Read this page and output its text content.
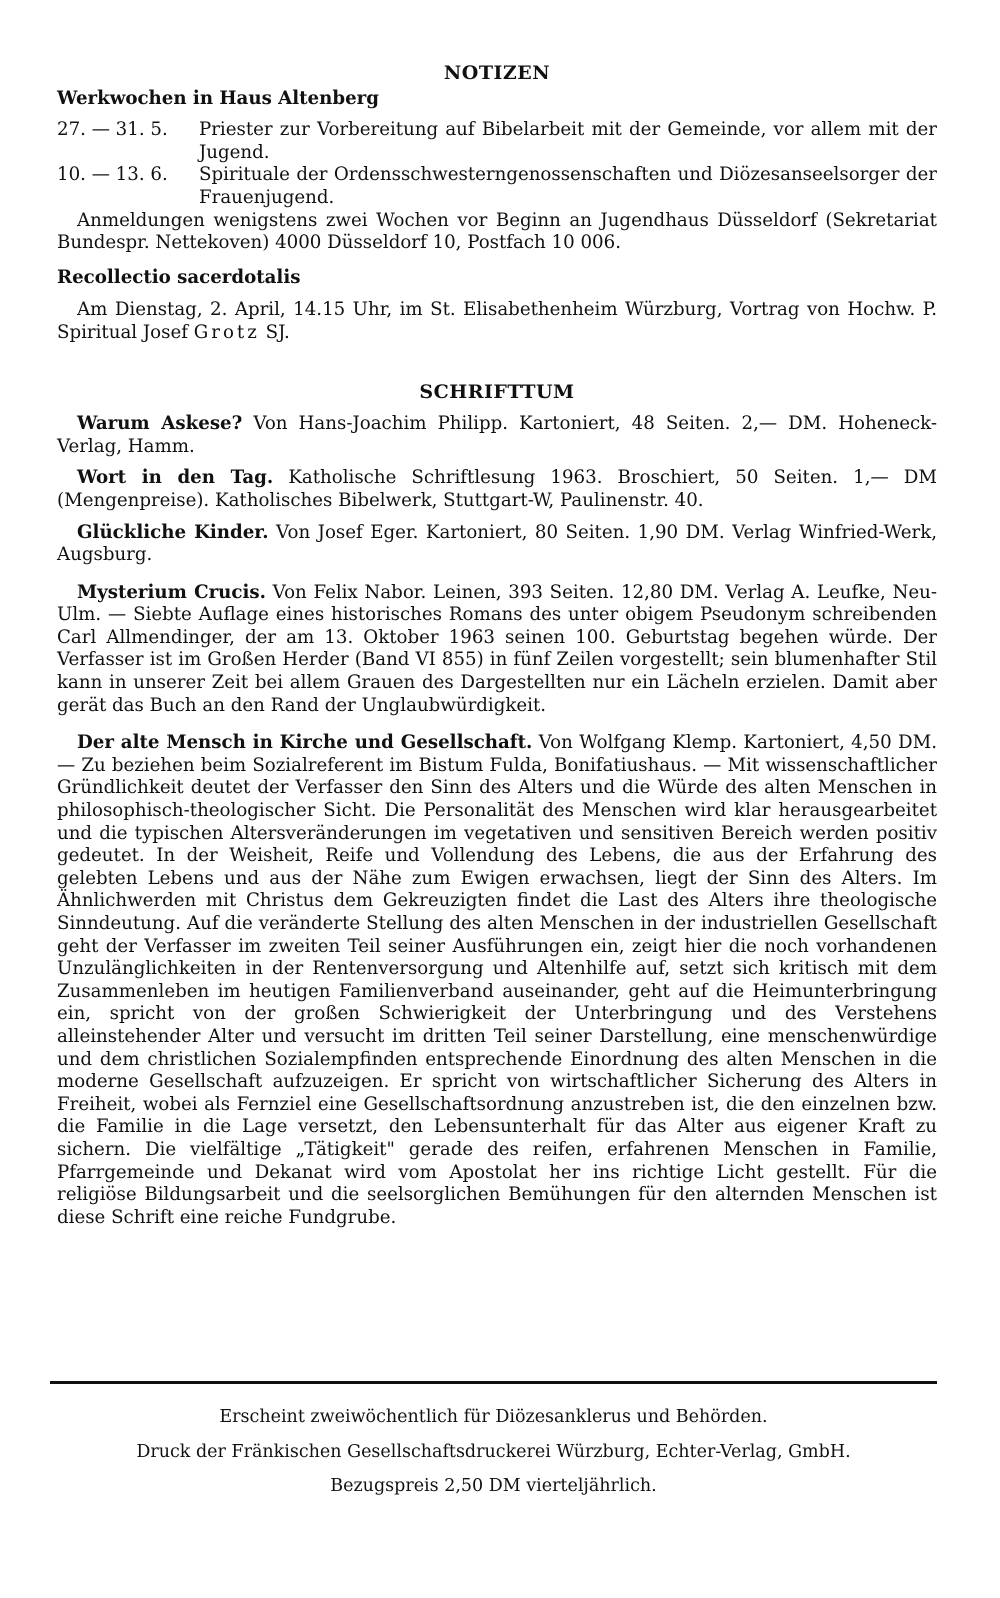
NOTIZEN
Werkwochen in Haus Altenberg
27. — 31. 5.	Priester zur Vorbereitung auf Bibelarbeit mit der Gemeinde, vor allem mit der Jugend.
10. — 13. 6.	Spirituale der Ordensschwesterngenossenschaften und Diözesanseelsorger der Frauenjugend.
Anmeldungen wenigstens zwei Wochen vor Beginn an Jugendhaus Düsseldorf (Sekretariat Bundespr. Nettekoven) 4000 Düsseldorf 10, Postfach 10 006.
Recollectio sacerdotalis
Am Dienstag, 2. April, 14.15 Uhr, im St. Elisabethenheim Würzburg, Vortrag von Hochw. P. Spiritual Josef Grotz SJ.
SCHRIFTTUM
Warum Askese? Von Hans-Joachim Philipp. Kartoniert, 48 Seiten. 2,— DM. Hoheneck-Verlag, Hamm.
Wort in den Tag. Katholische Schriftlesung 1963. Broschiert, 50 Seiten. 1,— DM (Mengenpreise). Katholisches Bibelwerk, Stuttgart-W, Paulinenstr. 40.
Glückliche Kinder. Von Josef Eger. Kartoniert, 80 Seiten. 1,90 DM. Verlag Winfried-Werk, Augsburg.
Mysterium Crucis. Von Felix Nabor. Leinen, 393 Seiten. 12,80 DM. Verlag A. Leufke, Neu-Ulm. — Siebte Auflage eines historisches Romans des unter obigem Pseudonym schreibenden Carl Allmendinger, der am 13. Oktober 1963 seinen 100. Geburtstag begehen würde. Der Verfasser ist im Großen Herder (Band VI 855) in fünf Zeilen vorgestellt; sein blumenhafter Stil kann in unserer Zeit bei allem Grauen des Dargestellten nur ein Lächeln erzielen. Damit aber gerät das Buch an den Rand der Unglaubwürdigkeit.
Der alte Mensch in Kirche und Gesellschaft. Von Wolfgang Klemp. Kartoniert, 4,50 DM. — Zu beziehen beim Sozialreferent im Bistum Fulda, Bonifatiushaus. — Mit wissenschaftlicher Gründlichkeit deutet der Verfasser den Sinn des Alters und die Würde des alten Menschen in philosophisch-theologischer Sicht. Die Personalität des Menschen wird klar herausgearbeitet und die typischen Altersveränderungen im vegetativen und sensitiven Bereich werden positiv gedeutet. In der Weisheit, Reife und Vollendung des Lebens, die aus der Erfahrung des gelebten Lebens und aus der Nähe zum Ewigen erwachsen, liegt der Sinn des Alters. Im Ähnlichwerden mit Christus dem Gekreuzigten findet die Last des Alters ihre theologische Sinndeutung. Auf die veränderte Stellung des alten Menschen in der industriellen Gesellschaft geht der Verfasser im zweiten Teil seiner Ausführungen ein, zeigt hier die noch vorhandenen Unzulänglichkeiten in der Rentenversorgung und Altenhilfe auf, setzt sich kritisch mit dem Zusammenleben im heutigen Familienverband auseinander, geht auf die Heimunterbringung ein, spricht von der großen Schwierigkeit der Unterbringung und des Verstehens alleinstehender Alter und versucht im dritten Teil seiner Darstellung, eine menschenwürdige und dem christlichen Sozialempfinden entsprechende Einordnung des alten Menschen in die moderne Gesellschaft aufzuzeigen. Er spricht von wirtschaftlicher Sicherung des Alters in Freiheit, wobei als Fernziel eine Gesellschaftsordnung anzustreben ist, die den einzelnen bzw. die Familie in die Lage versetzt, den Lebensunterhalt für das Alter aus eigener Kraft zu sichern. Die vielfältige „Tätigkeit" gerade des reifen, erfahrenen Menschen in Familie, Pfarrgemeinde und Dekanat wird vom Apostolat her ins richtige Licht gestellt. Für die religiöse Bildungsarbeit und die seelsorglichen Bemühungen für den alternden Menschen ist diese Schrift eine reiche Fundgrube.
Erscheint zweiwöchentlich für Diözesanklerus und Behörden.
Druck der Fränkischen Gesellschaftsdruckerei Würzburg, Echter-Verlag, GmbH.
Bezugspreis 2,50 DM vierteljährlich.
